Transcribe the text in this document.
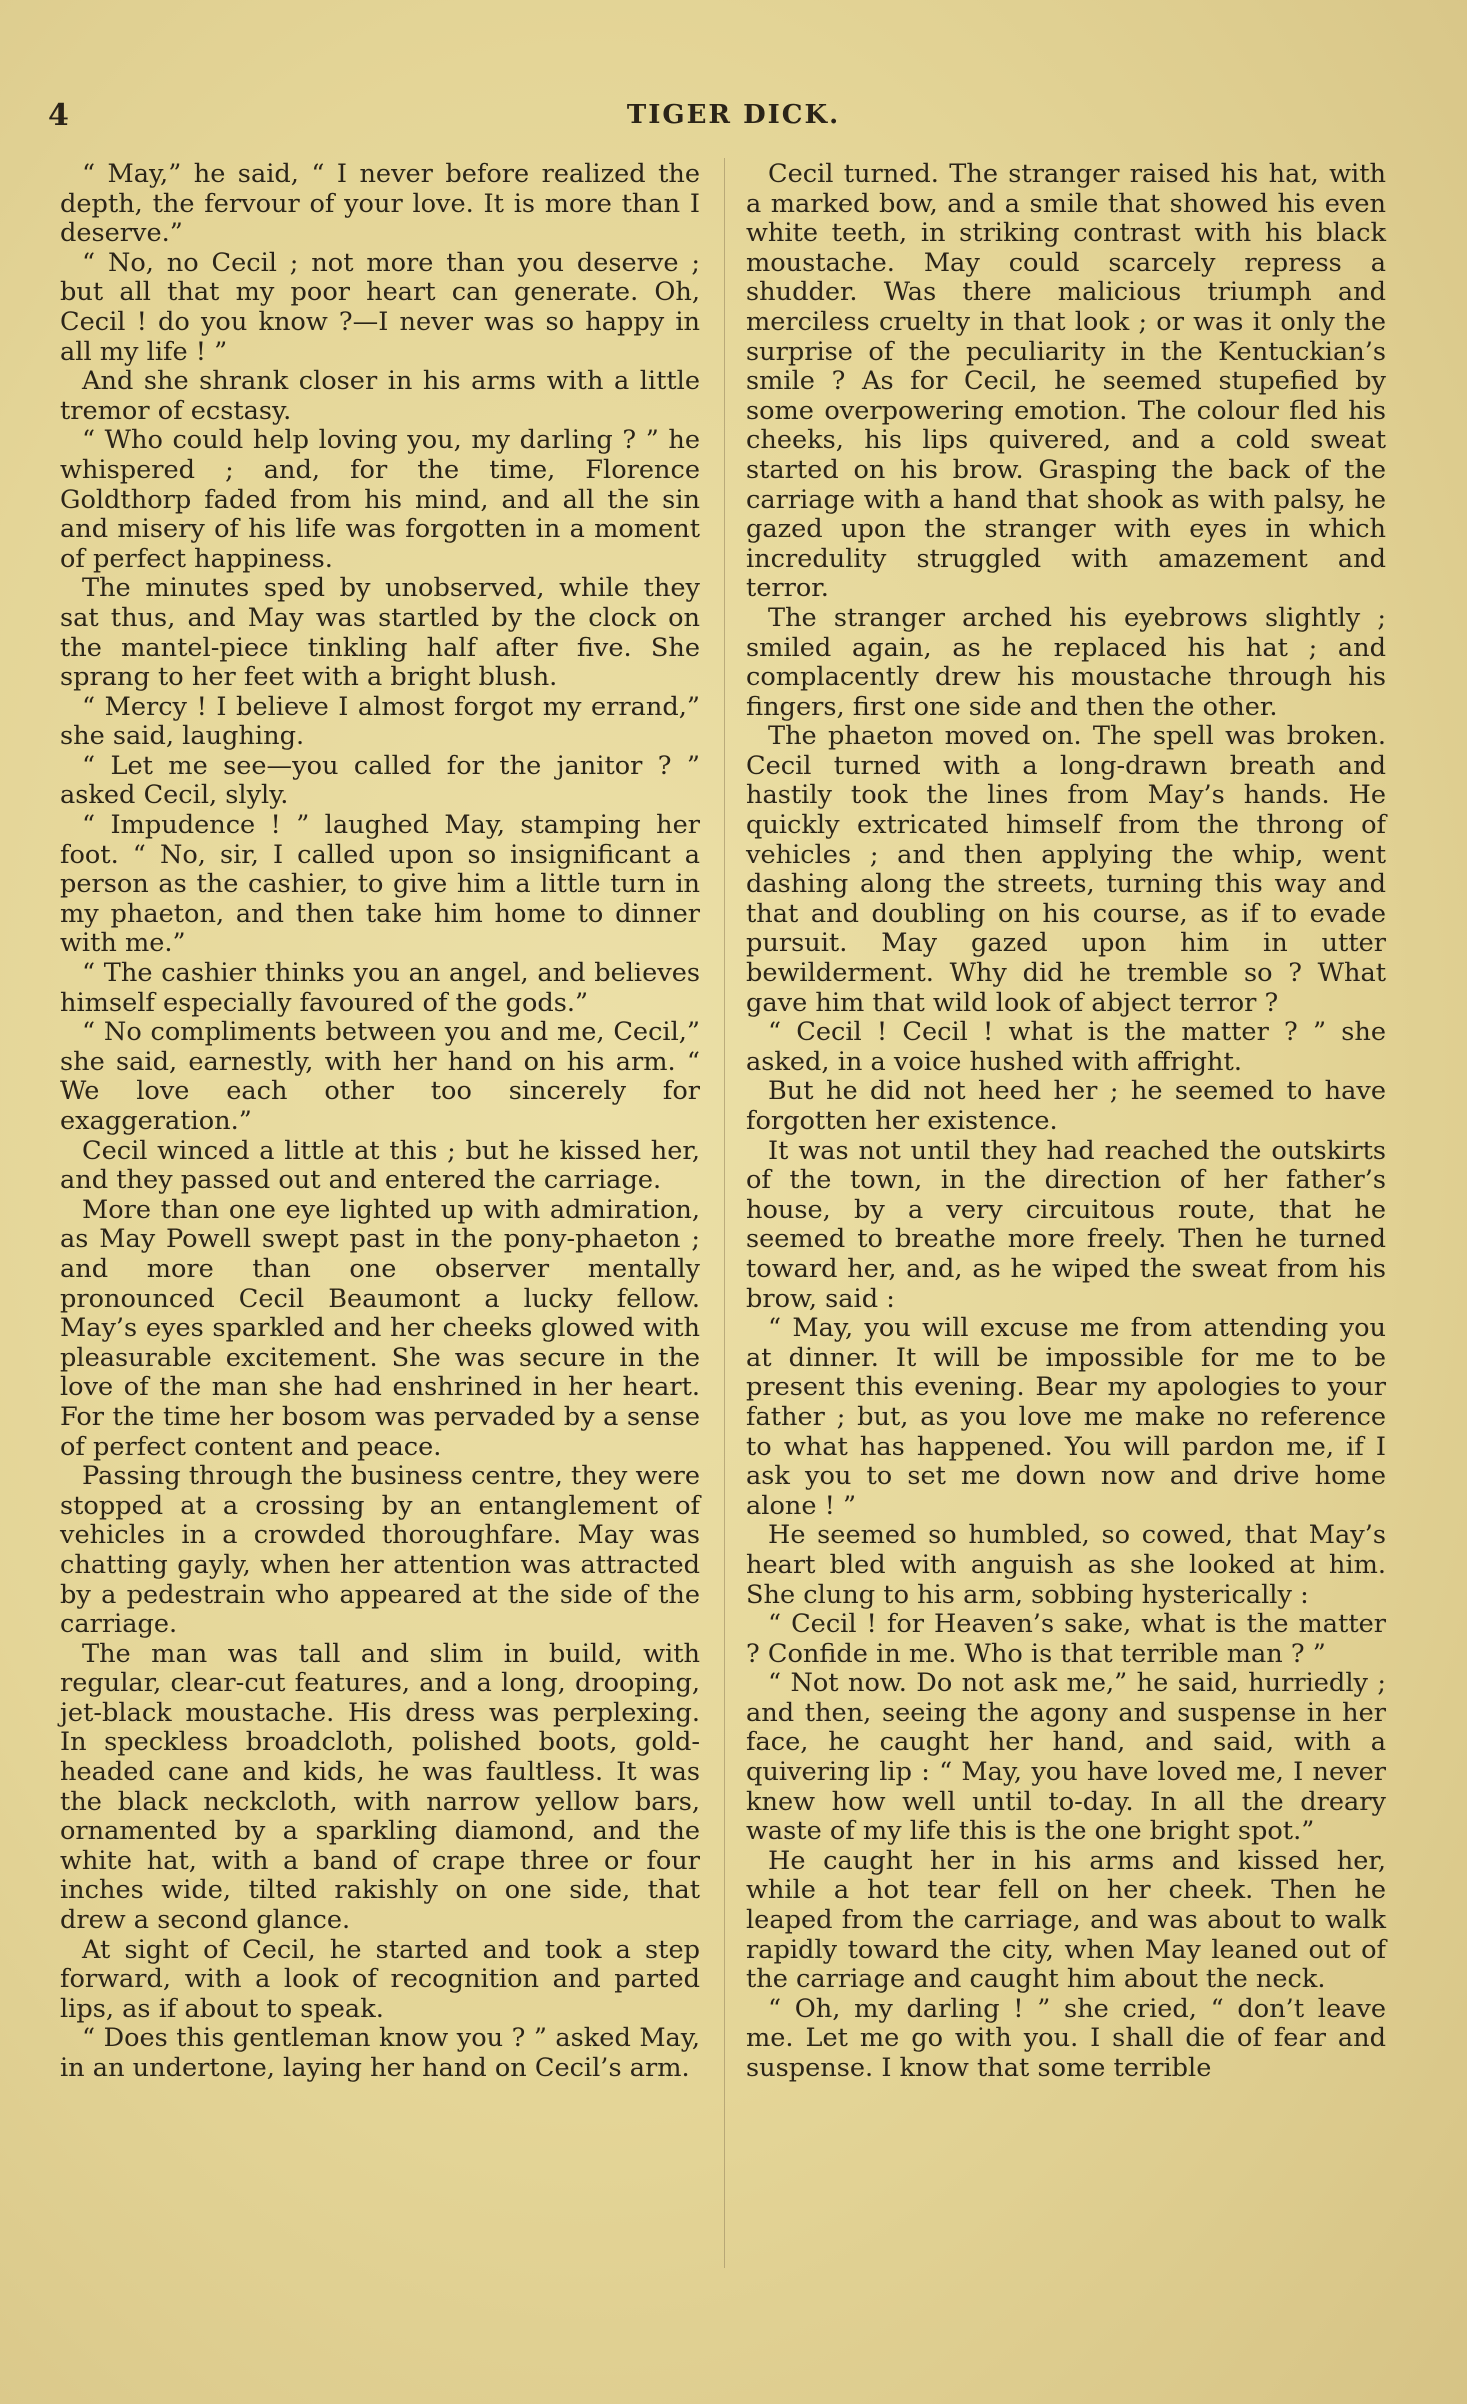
4	TIGER DICK.

“ May,” he said, “ I never before realized the depth, the fervour of your love. It is more than I deserve.”

“ No, no Cecil ; not more than you deserve ; but all that my poor heart can generate. Oh, Cecil ! do you know ?—I never was so happy in all my life ! ”

And she shrank closer in his arms with a little tremor of ecstasy.

“ Who could help loving you, my darling ? ” he whispered ; and, for the time, Florence Goldthorp faded from his mind, and all the sin and misery of his life was forgotten in a moment of perfect happiness.

The minutes sped by unobserved, while they sat thus, and May was startled by the clock on the mantel-piece tinkling half after five. She sprang to her feet with a bright blush.

“ Mercy ! I believe I almost forgot my errand,” she said, laughing.

“ Let me see—you called for the janitor ? ” asked Cecil, slyly.

“ Impudence ! ” laughed May, stamping her foot. “ No, sir, I called upon so insignificant a person as the cashier, to give him a little turn in my phaeton, and then take him home to dinner with me.”

“ The cashier thinks you an angel, and believes himself especially favoured of the gods.”

“ No compliments between you and me, Cecil,” she said, earnestly, with her hand on his arm. “ We love each other too sincerely for exaggeration.”

Cecil winced a little at this ; but he kissed her, and they passed out and entered the carriage.

More than one eye lighted up with admiration, as May Powell swept past in the pony-phaeton ; and more than one observer mentally pronounced Cecil Beaumont a lucky fellow. May’s eyes sparkled and her cheeks glowed with pleasurable excitement. She was secure in the love of the man she had enshrined in her heart. For the time her bosom was pervaded by a sense of perfect content and peace.

Passing through the business centre, they were stopped at a crossing by an entanglement of vehicles in a crowded thoroughfare. May was chatting gayly, when her attention was attracted by a pedestrain who appeared at the side of the carriage.

The man was tall and slim in build, with regular, clear-cut features, and a long, drooping, jet-black moustache. His dress was perplexing. In speckless broadcloth, polished boots, gold-headed cane and kids, he was faultless. It was the black neckcloth, with narrow yellow bars, ornamented by a sparkling diamond, and the white hat, with a band of crape three or four inches wide, tilted rakishly on one side, that drew a second glance.

At sight of Cecil, he started and took a step forward, with a look of recognition and parted lips, as if about to speak.

“ Does this gentleman know you ? ” asked May, in an undertone, laying her hand on Cecil’s arm.

Cecil turned. The stranger raised his hat, with a marked bow, and a smile that showed his even white teeth, in striking contrast with his black moustache. May could scarcely repress a shudder. Was there malicious triumph and merciless cruelty in that look ; or was it only the surprise of the peculiarity in the Kentuckian’s smile ? As for Cecil, he seemed stupefied by some overpowering emotion. The colour fled his cheeks, his lips quivered, and a cold sweat started on his brow. Grasping the back of the carriage with a hand that shook as with palsy, he gazed upon the stranger with eyes in which incredulity struggled with amazement and terror.

The stranger arched his eyebrows slightly ; smiled again, as he replaced his hat ; and complacently drew his moustache through his fingers, first one side and then the other.

The phaeton moved on. The spell was broken. Cecil turned with a long-drawn breath and hastily took the lines from May’s hands. He quickly extricated himself from the throng of vehicles ; and then applying the whip, went dashing along the streets, turning this way and that and doubling on his course, as if to evade pursuit. May gazed upon him in utter bewilderment. Why did he tremble so ? What gave him that wild look of abject terror ?

“ Cecil ! Cecil ! what is the matter ? ” she asked, in a voice hushed with affright.

But he did not heed her ; he seemed to have forgotten her existence.

It was not until they had reached the outskirts of the town, in the direction of her father’s house, by a very circuitous route, that he seemed to breathe more freely. Then he turned toward her, and, as he wiped the sweat from his brow, said :

“ May, you will excuse me from attending you at dinner. It will be impossible for me to be present this evening. Bear my apologies to your father ; but, as you love me make no reference to what has happened. You will pardon me, if I ask you to set me down now and drive home alone ! ”

He seemed so humbled, so cowed, that May’s heart bled with anguish as she looked at him. She clung to his arm, sobbing hysterically :

“ Cecil ! for Heaven’s sake, what is the matter ? Confide in me. Who is that terrible man ? ”

“ Not now. Do not ask me,” he said, hurriedly ; and then, seeing the agony and suspense in her face, he caught her hand, and said, with a quivering lip : “ May, you have loved me, I never knew how well until to-day. In all the dreary waste of my life this is the one bright spot.”

He caught her in his arms and kissed her, while a hot tear fell on her cheek. Then he leaped from the carriage, and was about to walk rapidly toward the city, when May leaned out of the carriage and caught him about the neck.

“ Oh, my darling ! ” she cried, “ don’t leave me. Let me go with you. I shall die of fear and suspense. I know that some terrible
